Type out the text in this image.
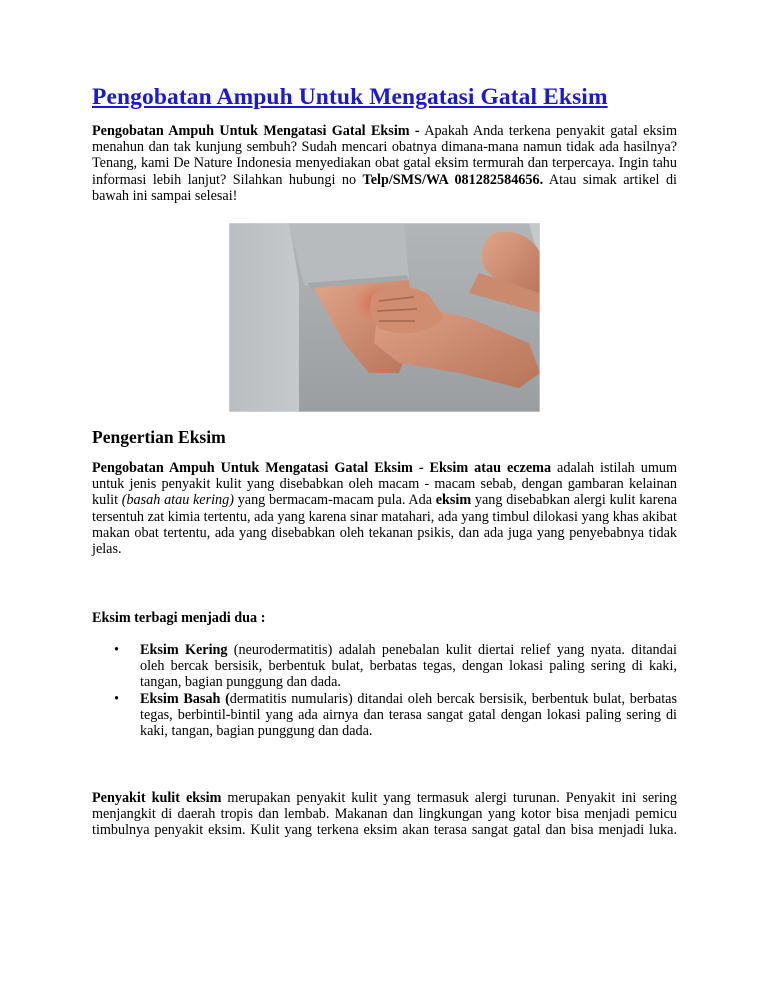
Pengobatan Ampuh Untuk Mengatasi Gatal Eksim

Pengobatan Ampuh Untuk Mengatasi Gatal Eksim - Apakah Anda terkena penyakit gatal eksim menahun dan tak kunjung sembuh? Sudah mencari obatnya dimana-mana namun tidak ada hasilnya? Tenang, kami De Nature Indonesia menyediakan obat gatal eksim termurah dan terpercaya. Ingin tahu informasi lebih lanjut? Silahkan hubungi no Telp/SMS/WA 081282584656. Atau simak artikel di bawah ini sampai selesai!

Pengertian Eksim

Pengobatan Ampuh Untuk Mengatasi Gatal Eksim - Eksim atau eczema adalah istilah umum untuk jenis penyakit kulit yang disebabkan oleh macam - macam sebab, dengan gambaran kelainan kulit (basah atau kering) yang bermacam-macam pula. Ada eksim yang disebabkan alergi kulit karena tersentuh zat kimia tertentu, ada yang karena sinar matahari, ada yang timbul dilokasi yang khas akibat makan obat tertentu, ada yang disebabkan oleh tekanan psikis, dan ada juga yang penyebabnya tidak jelas.

Eksim terbagi menjadi dua :

• Eksim Kering (neurodermatitis) adalah penebalan kulit diertai relief yang nyata. ditandai oleh bercak bersisik, berbentuk bulat, berbatas tegas, dengan lokasi paling sering di kaki, tangan, bagian punggung dan dada.
• Eksim Basah (dermatitis numularis) ditandai oleh bercak bersisik, berbentuk bulat, berbatas tegas, berbintil-bintil yang ada airnya dan terasa sangat gatal dengan lokasi paling sering di kaki, tangan, bagian punggung dan dada.

Penyakit kulit eksim merupakan penyakit kulit yang termasuk alergi turunan. Penyakit ini sering menjangkit di daerah tropis dan lembab. Makanan dan lingkungan yang kotor bisa menjadi pemicu timbulnya penyakit eksim. Kulit yang terkena eksim akan terasa sangat gatal dan bisa menjadi luka.
